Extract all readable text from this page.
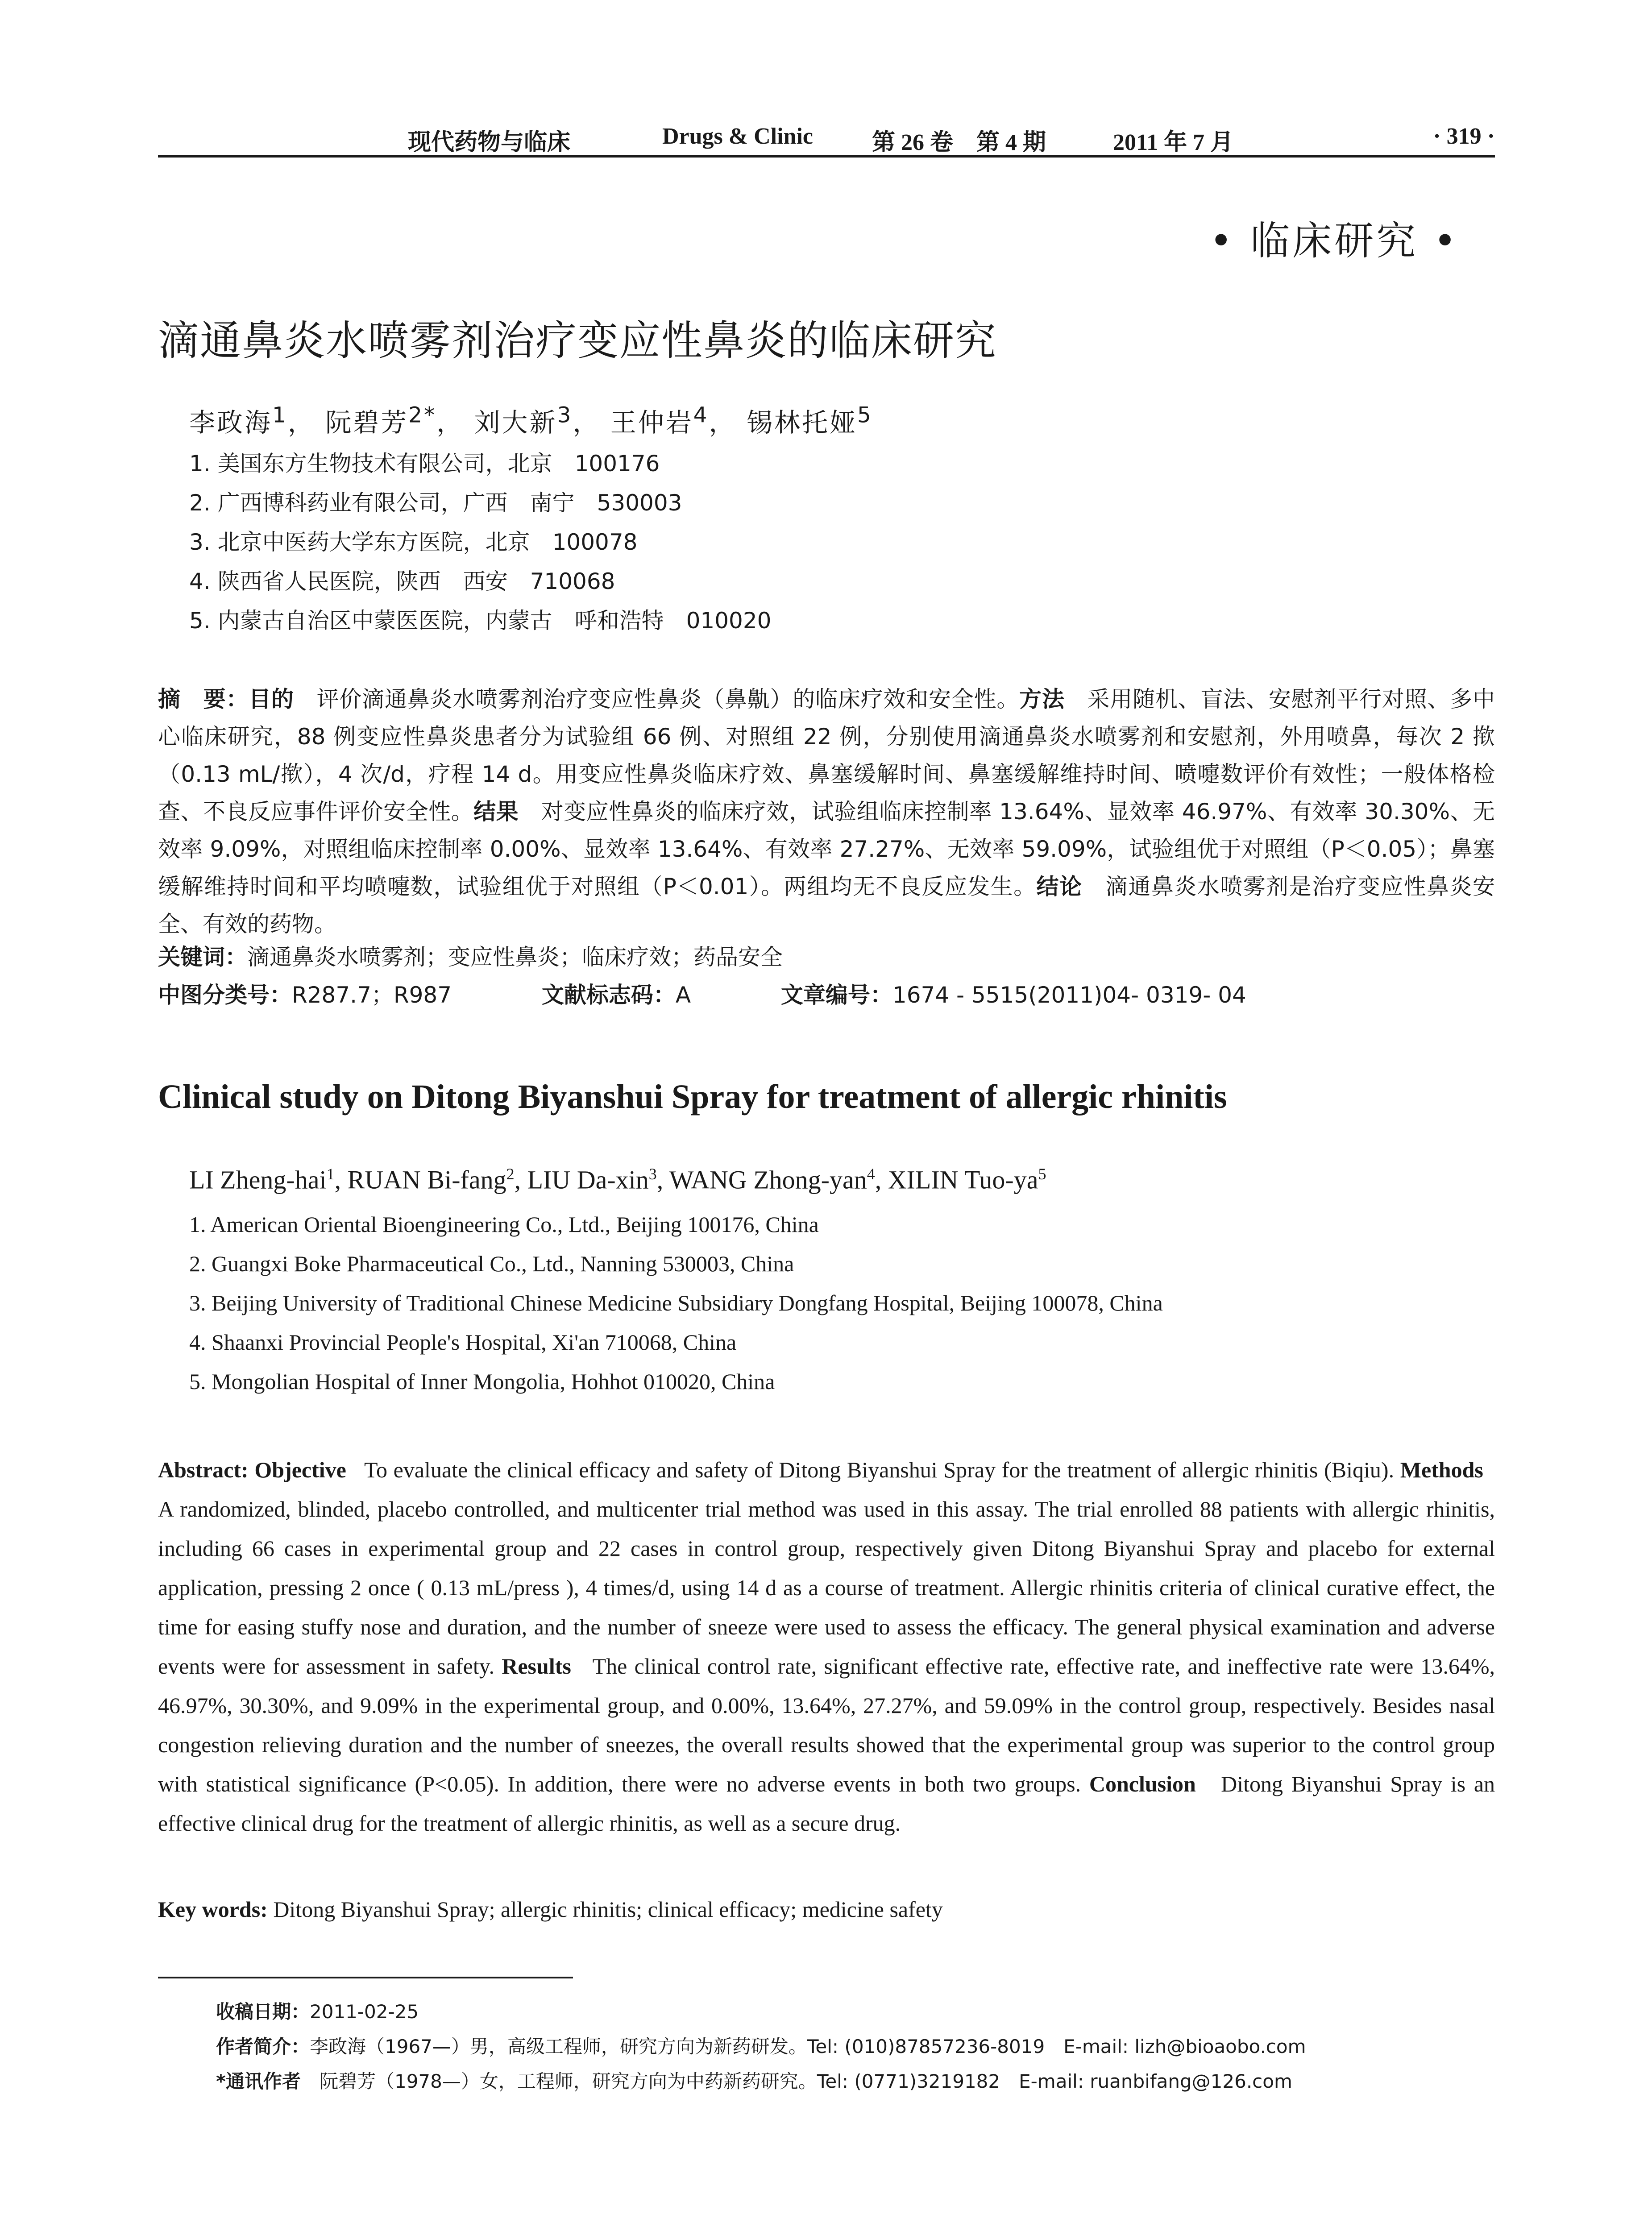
现代药物与临床	Drugs & Clinic	第 26 卷　第 4 期	2011 年 7 月	· 319 ·
• 临床研究 •
滴通鼻炎水喷雾剂治疗变应性鼻炎的临床研究
李政海$^1$， 阮碧芳$^{2*}$， 刘大新$^3$， 王仲岩$^4$， 锡林托娅$^5$
1. 美国东方生物技术有限公司，北京　100176
2. 广西博科药业有限公司，广西　南宁　530003
3. 北京中医药大学东方医院，北京　100078
4. 陕西省人民医院，陕西　西安　710068
5. 内蒙古自治区中蒙医医院，内蒙古　呼和浩特　010020
摘　要：目的　 评价滴通鼻炎水喷雾剂治疗变应性鼻炎（鼻鼽）的临床疗效和安全性。方法　 采用随机、盲法、安慰剂平行对照、多中心临床研究，88 例变应性鼻炎患者分为试验组 66 例、对照组 22 例，分别使用滴通鼻炎水喷雾剂和安慰剂，外用喷鼻，每次 2 揿（0.13 mL/揿），4 次/d，疗程 14 d。用变应性鼻炎临床疗效、鼻塞缓解时间、鼻塞缓解维持时间、喷嚏数评价有效性；一般体格检查、不良反应事件评价安全性。结果　 对变应性鼻炎的临床疗效，试验组临床控制率 13.64%、显效率 46.97%、有效率 30.30%、无效率 9.09%，对照组临床控制率 0.00%、显效率 13.64%、有效率 27.27%、无效率 59.09%，试验组优于对照组（P＜0.05）；鼻塞缓解维持时间和平均喷嚏数，试验组优于对照组（P＜0.01）。两组均无不良反应发生。结论　 滴通鼻炎水喷雾剂是治疗变应性鼻炎安全、有效的药物。
关键词：滴通鼻炎水喷雾剂；变应性鼻炎；临床疗效；药品安全
中图分类号：R287.7；R987	文献标志码：A	文章编号：1674 - 5515(2011)04- 0319- 04
Clinical study on Ditong Biyanshui Spray for treatment of allergic rhinitis
LI Zheng-hai$^1$, RUAN Bi-fang$^2$, LIU Da-xin$^3$, WANG Zhong-yan$^4$, XILIN Tuo-$ya^5$
1. American Oriental Bioengineering Co., Ltd., Beijing 100176, China
2. Guangxi Boke Pharmaceutical Co., Ltd., Nanning 530003, China
3. Beijing University of Traditional Chinese Medicine Subsidiary Dongfang Hospital, Beijing 100078, China
4. Shaanxi Provincial People's Hospital, Xi'an 710068, China
5. Mongolian Hospital of Inner Mongolia, Hohhot 010020, China
Abstract: Objective To evaluate the clinical efficacy and safety of Ditong Biyanshui Spray for the treatment of allergic rhinitis (Biqiu). Methods   A randomized, blinded, placebo controlled, and multicenter trial method was used in this assay. The trial enrolled 88 patients with allergic rhinitis, including 66 cases in experimental group and 22 cases in control group, respectively given Ditong Biyanshui Spray and placebo for external application, pressing 2 once ( 0.13 mL/press ), 4 times/d, using 14 d as a course of treatment. Allergic rhinitis criteria of clinical curative effect, the time for easing stuffy nose and duration, and the number of sneeze were used to assess the efficacy. The general physical examination and adverse events were for assessment in safety. Results The clinical control rate, significant effective rate, effective rate, and ineffective rate were 13.64%, 46.97%, 30.30%, and 9.09% in the experimental group, and 0.00%, 13.64%, 27.27%, and 59.09% in the control group, respectively. Besides nasal congestion relieving duration and the number of sneezes, the overall results showed that the experimental group was superior to the control group with statistical significance (P<0.05). In addition, there were no adverse events in both two groups. Conclusion Ditong Biyanshui Spray is an effective clinical drug for the treatment of allergic rhinitis, as well as a secure drug.
Key words: Ditong Biyanshui Spray; allergic rhinitis; clinical efficacy; medicine safety
收稿日期：2011-02-25
作者简介：李政海（1967—）男，高级工程师，研究方向为新药研发。Tel: (010)87857236-8019　E-mail: lizh@bioaobo.com
*通讯作者　 阮碧芳（1978—）女，工程师，研究方向为中药新药研究。Tel: (0771)3219182　E-mail: ruanbifang@126.com
